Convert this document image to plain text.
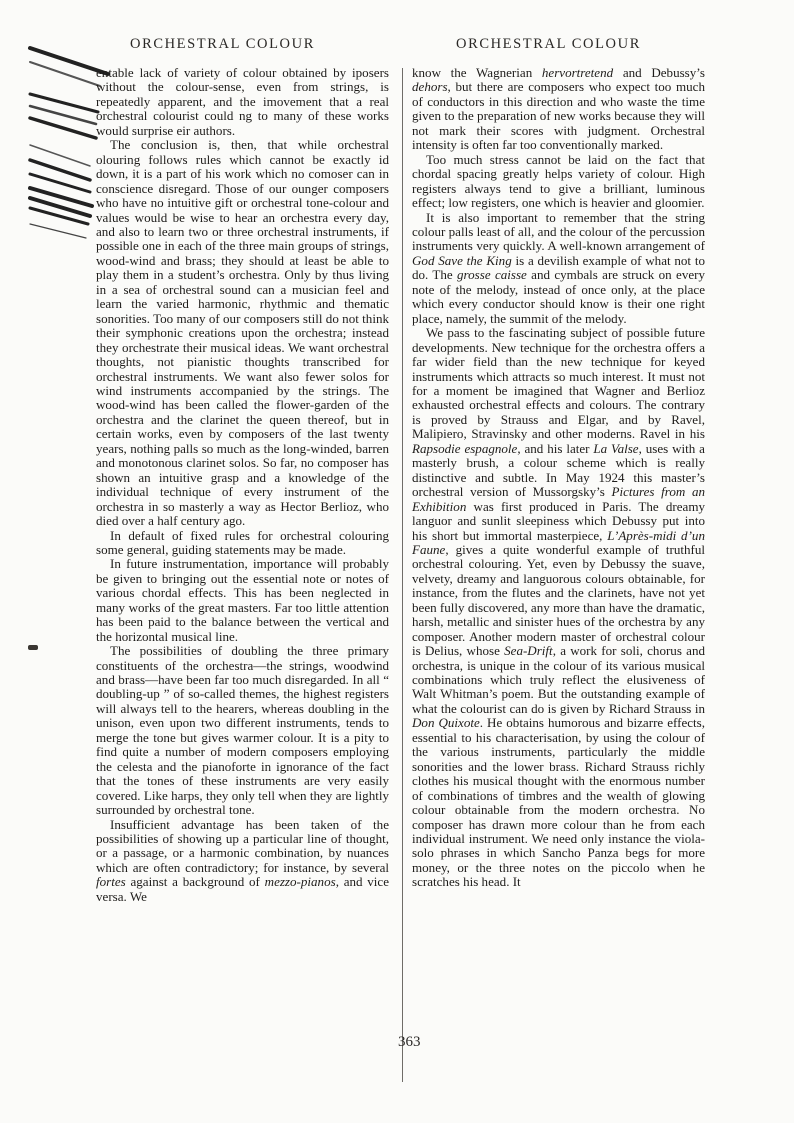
ORCHESTRAL COLOUR	ORCHESTRAL COLOUR

entable lack of variety of colour obtained by iposers without the colour-sense, even from strings, is repeatedly apparent, and the imovement that a real orchestral colourist could ng to many of these works would surprise eir authors.

The conclusion is, then, that while orchestral olouring follows rules which cannot be exactly id down, it is a part of his work which no comoser can in conscience disregard. Those of our ounger composers who have no intuitive gift or orchestral tone-colour and values would be wise to hear an orchestra every day, and also to learn two or three orchestral instruments, if possible one in each of the three main groups of strings, wood-wind and brass; they should at least be able to play them in a student’s orchestra. Only by thus living in a sea of orchestral sound can a musician feel and learn the varied harmonic, rhythmic and thematic sonorities. Too many of our composers still do not think their symphonic creations upon the orchestra; instead they orchestrate their musical ideas. We want orchestral thoughts, not pianistic thoughts transcribed for orchestral instruments. We want also fewer solos for wind instruments accompanied by the strings. The wood-wind has been called the flower-garden of the orchestra and the clarinet the queen thereof, but in certain works, even by composers of the last twenty years, nothing palls so much as the long-winded, barren and monotonous clarinet solos. So far, no composer has shown an intuitive grasp and a knowledge of the individual technique of every instrument of the orchestra in so masterly a way as Hector Berlioz, who died over a half century ago.

In default of fixed rules for orchestral colouring some general, guiding statements may be made.

In future instrumentation, importance will probably be given to bringing out the essential note or notes of various chordal effects. This has been neglected in many works of the great masters. Far too little attention has been paid to the balance between the vertical and the horizontal musical line.

The possibilities of doubling the three primary constituents of the orchestra—the strings, woodwind and brass—have been far too much disregarded. In all “ doubling-up ” of so-called themes, the highest registers will always tell to the hearers, whereas doubling in the unison, even upon two different instruments, tends to merge the tone but gives warmer colour. It is a pity to find quite a number of modern composers employing the celesta and the pianoforte in ignorance of the fact that the tones of these instruments are very easily covered. Like harps, they only tell when they are lightly surrounded by orchestral tone.

Insufficient advantage has been taken of the possibilities of showing up a particular line of thought, or a passage, or a harmonic combination, by nuances which are often contradictory; for instance, by several fortes against a background of mezzo-pianos, and vice versa. We

know the Wagnerian hervortretend and Debussy’s dehors, but there are composers who expect too much of conductors in this direction and who waste the time given to the preparation of new works because they will not mark their scores with judgment. Orchestral intensity is often far too conventionally marked.

Too much stress cannot be laid on the fact that chordal spacing greatly helps variety of colour. High registers always tend to give a brilliant, luminous effect; low registers, one which is heavier and gloomier.

It is also important to remember that the string colour palls least of all, and the colour of the percussion instruments very quickly. A well-known arrangement of God Save the King is a devilish example of what not to do. The grosse caisse and cymbals are struck on every note of the melody, instead of once only, at the place which every conductor should know is their one right place, namely, the summit of the melody.

We pass to the fascinating subject of possible future developments. New technique for the orchestra offers a far wider field than the new technique for keyed instruments which attracts so much interest. It must not for a moment be imagined that Wagner and Berlioz exhausted orchestral effects and colours. The contrary is proved by Strauss and Elgar, and by Ravel, Malipiero, Stravinsky and other moderns. Ravel in his Rapsodie espagnole, and his later La Valse, uses with a masterly brush, a colour scheme which is really distinctive and subtle. In May 1924 this master’s orchestral version of Mussorgsky’s Pictures from an Exhibition was first produced in Paris. The dreamy languor and sunlit sleepiness which Debussy put into his short but immortal masterpiece, L’Après-midi d’un Faune, gives a quite wonderful example of truthful orchestral colouring. Yet, even by Debussy the suave, velvety, dreamy and languorous colours obtainable, for instance, from the flutes and the clarinets, have not yet been fully discovered, any more than have the dramatic, harsh, metallic and sinister hues of the orchestra by any composer. Another modern master of orchestral colour is Delius, whose Sea-Drift, a work for soli, chorus and orchestra, is unique in the colour of its various musical combinations which truly reflect the elusiveness of Walt Whitman’s poem. But the outstanding example of what the colourist can do is given by Richard Strauss in Don Quixote. He obtains humorous and bizarre effects, essential to his characterisation, by using the colour of the various instruments, particularly the middle sonorities and the lower brass. Richard Strauss richly clothes his musical thought with the enormous number of combinations of timbres and the wealth of glowing colour obtainable from the modern orchestra. No composer has drawn more colour than he from each individual instrument. We need only instance the viola-solo phrases in which Sancho Panza begs for more money, or the three notes on the piccolo when he scratches his head. It

363
